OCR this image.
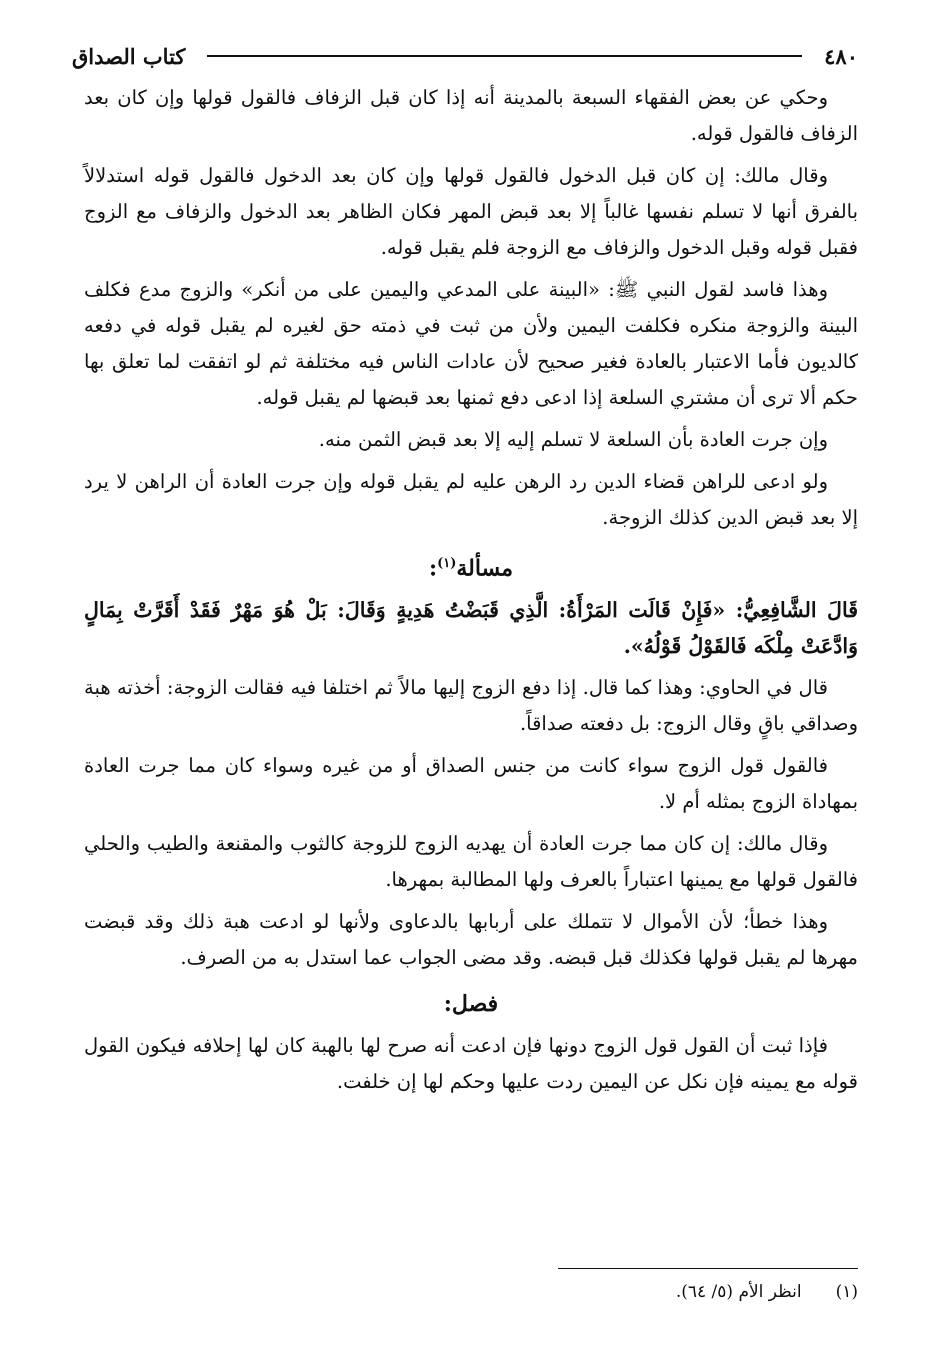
٤٨٠
كتاب الصداق

وحكي عن بعض الفقهاء السبعة بالمدينة أنه إذا كان قبل الزفاف فالقول قولها وإن كان بعد الزفاف فالقول قوله.

وقال مالك: إن كان قبل الدخول فالقول قولها وإن كان بعد الدخول فالقول قوله استدلالاً بالفرق أنها لا تسلم نفسها غالباً إلا بعد قبض المهر فكان الظاهر بعد الدخول والزفاف مع الزوج فقبل قوله وقبل الدخول والزفاف مع الزوجة فلم يقبل قوله.

وهذا فاسد لقول النبي ﷺ: «البينة على المدعي واليمين على من أنكر» والزوج مدع فكلف البينة والزوجة منكره فكلفت اليمين ولأن من ثبت في ذمته حق لغيره لم يقبل قوله في دفعه كالديون فأما الاعتبار بالعادة فغير صحيح لأن عادات الناس فيه مختلفة ثم لو اتفقت لما تعلق بها حكم ألا ترى أن مشتري السلعة إذا ادعى دفع ثمنها بعد قبضها لم يقبل قوله.

وإن جرت العادة بأن السلعة لا تسلم إليه إلا بعد قبض الثمن منه.

ولو ادعى للراهن قضاء الدين رد الرهن عليه لم يقبل قوله وإن جرت العادة أن الراهن لا يرد إلا بعد قبض الدين كذلك الزوجة.

مسألة$^{(١)}$:

قَالَ الشَّافِعِيُّ: «فَإِنْ قَالَت المَرْأَةُ: الَّذِي قَبَضْتُ هَدِيةٍ وَقَالَ: بَلْ هُوَ مَهْرٌ فَقَدْ أَقَرَّتْ بِمَالٍ وَادَّعَتْ مِلْكَه فَالقَوْلُ قَوْلُهُ».

قال في الحاوي: وهذا كما قال. إذا دفع الزوج إليها مالاً ثم اختلفا فيه فقالت الزوجة: أخذته هبة وصداقي باقٍ وقال الزوج: بل دفعته صداقاً.

فالقول قول الزوج سواء كانت من جنس الصداق أو من غيره وسواء كان مما جرت العادة بمهاداة الزوج بمثله أم لا.

وقال مالك: إن كان مما جرت العادة أن يهديه الزوج للزوجة كالثوب والمقنعة والطيب والحلي فالقول قولها مع يمينها اعتباراً بالعرف ولها المطالبة بمهرها.

وهذا خطأ؛ لأن الأموال لا تتملك على أربابها بالدعاوى ولأنها لو ادعت هبة ذلك وقد قبضت مهرها لم يقبل قولها فكذلك قبل قبضه. وقد مضى الجواب عما استدل به من الصرف.

فصل:

فإذا ثبت أن القول قول الزوج دونها فإن ادعت أنه صرح لها بالهبة كان لها إحلافه فيكون القول قوله مع يمينه فإن نكل عن اليمين ردت عليها وحكم لها إن خلفت.

(١)
انظر الأم (٥/ ٦٤).
